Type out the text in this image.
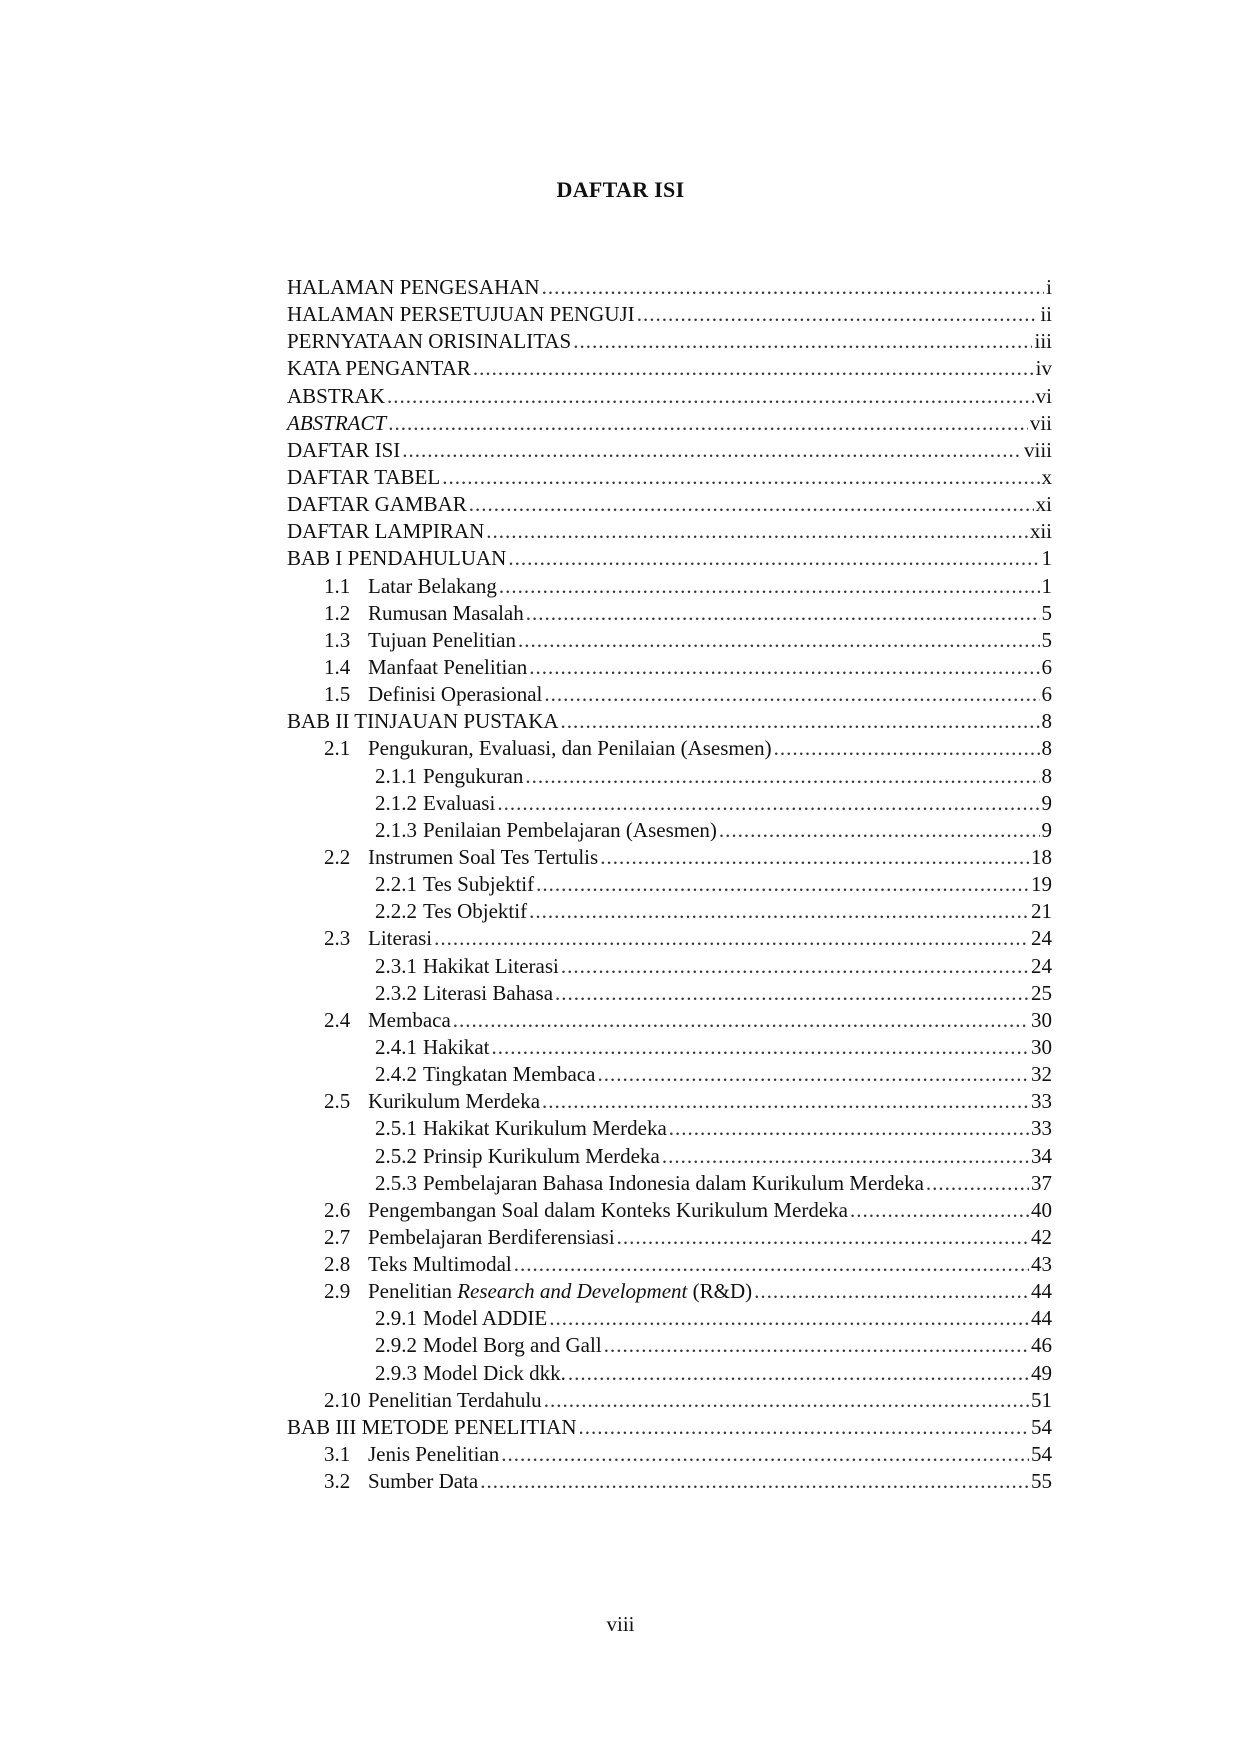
DAFTAR ISI
HALAMAN PENGESAHAN .....	i
HALAMAN PERSETUJUAN PENGUJI .....	ii
PERNYATAAN ORISINALITAS .....	iii
KATA PENGANTAR .....	iv
ABSTRAK .....	vi
ABSTRACT .....	vii
DAFTAR ISI .....	viii
DAFTAR TABEL .....	x
DAFTAR GAMBAR .....	xi
DAFTAR LAMPIRAN .....	xii
BAB I PENDAHULUAN .....	1
1.1 Latar Belakang .....	1
1.2 Rumusan Masalah .....	5
1.3 Tujuan Penelitian .....	5
1.4 Manfaat Penelitian .....	6
1.5 Definisi Operasional .....	6
BAB II TINJAUAN PUSTAKA .....	8
2.1 Pengukuran, Evaluasi, dan Penilaian (Asesmen) .....	8
2.1.1 Pengukuran .....	8
2.1.2 Evaluasi .....	9
2.1.3 Penilaian Pembelajaran (Asesmen) .....	9
2.2 Instrumen Soal Tes Tertulis .....	18
2.2.1 Tes Subjektif .....	19
2.2.2 Tes Objektif .....	21
2.3 Literasi .....	24
2.3.1 Hakikat Literasi .....	24
2.3.2 Literasi Bahasa .....	25
2.4 Membaca .....	30
2.4.1 Hakikat .....	30
2.4.2 Tingkatan Membaca .....	32
2.5 Kurikulum Merdeka .....	33
2.5.1 Hakikat Kurikulum Merdeka .....	33
2.5.2 Prinsip Kurikulum Merdeka .....	34
2.5.3 Pembelajaran Bahasa Indonesia dalam Kurikulum Merdeka .....	37
2.6 Pengembangan Soal dalam Konteks Kurikulum Merdeka .....	40
2.7 Pembelajaran Berdiferensiasi .....	42
2.8 Teks Multimodal .....	43
2.9 Penelitian Research and Development (R&D) .....	44
2.9.1 Model ADDIE .....	44
2.9.2 Model Borg and Gall .....	46
2.9.3 Model Dick dkk. .....	49
2.10 Penelitian Terdahulu .....	51
BAB III METODE PENELITIAN .....	54
3.1 Jenis Penelitian .....	54
3.2 Sumber Data .....	55
viii
